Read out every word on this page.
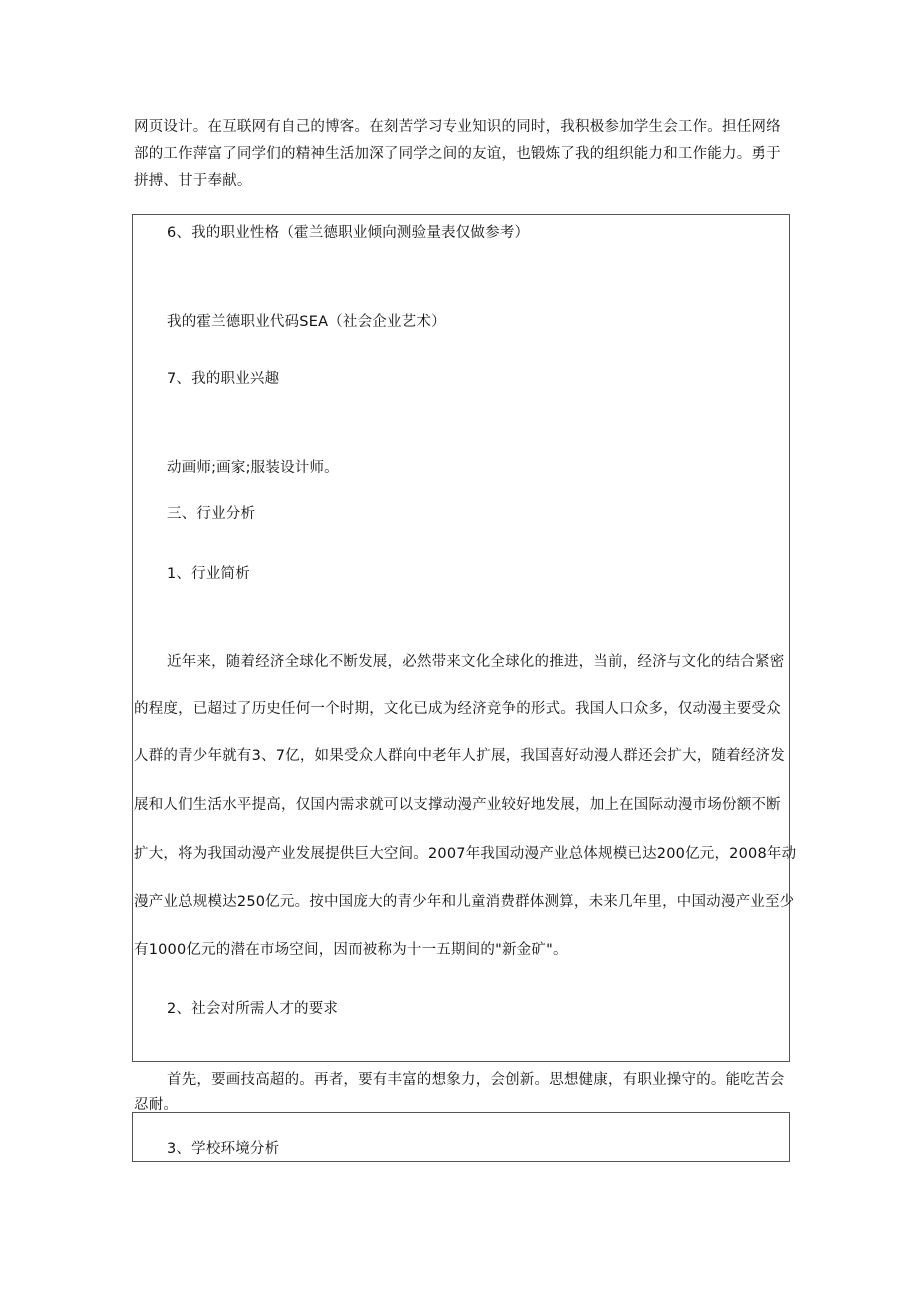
网页设计。在互联网有自己的博客。在刻苦学习专业知识的同时，我积极参加学生会工作。担任网络
部的工作萍富了同学们的精神生活加深了同学之间的友谊，也锻炼了我的组织能力和工作能力。勇于
拼搏、甘于奉献。
6、我的职业性格（霍兰德职业倾向测验量表仅做参考）
我的霍兰德职业代码SEA（社会企业艺术）
7、我的职业兴趣
动画师;画家;服装设计师。
三、行业分析
1、行业简析
近年来，随着经济全球化不断发展，必然带来文化全球化的推进，当前，经济与文化的结合紧密
的程度，已超过了历史任何一个时期，文化已成为经济竞争的形式。我国人口众多，仅动漫主要受众
人群的青少年就有3、7亿，如果受众人群向中老年人扩展，我国喜好动漫人群还会扩大，随着经济发
展和人们生活水平提高，仅国内需求就可以支撑动漫产业较好地发展，加上在国际动漫市场份额不断
扩大，将为我国动漫产业发展提供巨大空间。2007年我国动漫产业总体规模已达200亿元，2008年动
漫产业总规模达250亿元。按中国庞大的青少年和儿童消费群体测算，未来几年里，中国动漫产业至少
有1000亿元的潜在市场空间，因而被称为十一五期间的"新金矿"。
2、社会对所需人才的要求
首先，要画技高超的。再者，要有丰富的想象力，会创新。思想健康，有职业操守的。能吃苦会
忍耐。
3、学校环境分析
